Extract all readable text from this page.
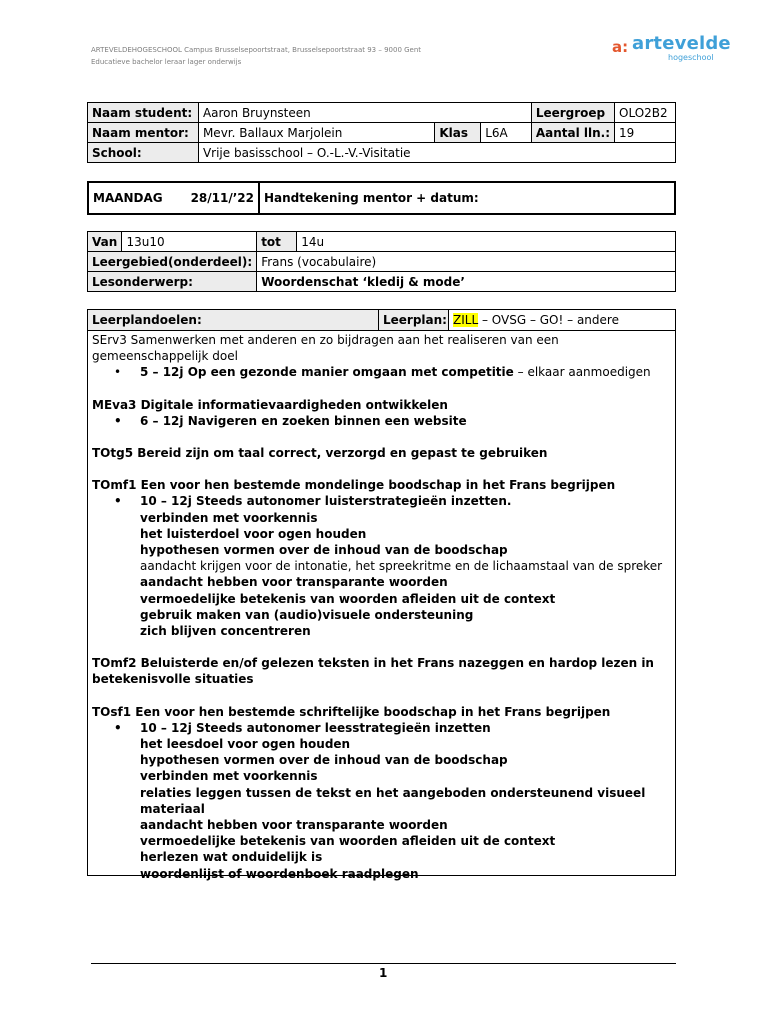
ARTEVELDEHOGESCHOOL Campus Brusselsepoortstraat, Brusselsepoortstraat 93 – 9000 Gent
Educatieve bachelor leraar lager onderwijs
a: artevelde
hogeschool
Naam student:	Aaron Bruynsteen			Leergroep	OLO2B2
Naam mentor:	Mevr. Ballaux Marjolein	Klas	L6A	Aantal lln.:	19
School:	Vrije basisschool – O.-L.-V.-Visitatie				
MAANDAG 28/11/’22	Handtekening mentor + datum:
Van	13u10	tot	14u
Leergebied(onderdeel):		Frans (vocabulaire)	
Lesonderwerp:		Woordenschat ‘kledij & mode’	
Leerplandoelen:	Leerplan: ZILL – OVSG – GO! – andere
SErv3 Samenwerken met anderen en zo bijdragen aan het realiseren van een gemeenschappelijk doel
• 5 – 12j Op een gezonde manier omgaan met competitie – elkaar aanmoedigen
MEva3 Digitale informatievaardigheden ontwikkelen
• 6 – 12j Navigeren en zoeken binnen een website
TOtg5 Bereid zijn om taal correct, verzorgd en gepast te gebruiken
TOmf1 Een voor hen bestemde mondelinge boodschap in het Frans begrijpen
• 10 – 12j Steeds autonomer luisterstrategieën inzetten.
verbinden met voorkennis
het luisterdoel voor ogen houden
hypothesen vormen over de inhoud van de boodschap
aandacht krijgen voor de intonatie, het spreekritme en de lichaamstaal van de spreker
aandacht hebben voor transparante woorden
vermoedelijke betekenis van woorden afleiden uit de context
gebruik maken van (audio)visuele ondersteuning
zich blijven concentreren
TOmf2 Beluisterde en/of gelezen teksten in het Frans nazeggen en hardop lezen in betekenisvolle situaties
TOsf1 Een voor hen bestemde schriftelijke boodschap in het Frans begrijpen
• 10 – 12j Steeds autonomer leesstrategieën inzetten
het leesdoel voor ogen houden
hypothesen vormen over de inhoud van de boodschap
verbinden met voorkennis
relaties leggen tussen de tekst en het aangeboden ondersteunend visueel materiaal
aandacht hebben voor transparante woorden
vermoedelijke betekenis van woorden afleiden uit de context
herlezen wat onduidelijk is
woordenlijst of woordenboek raadplegen
1
